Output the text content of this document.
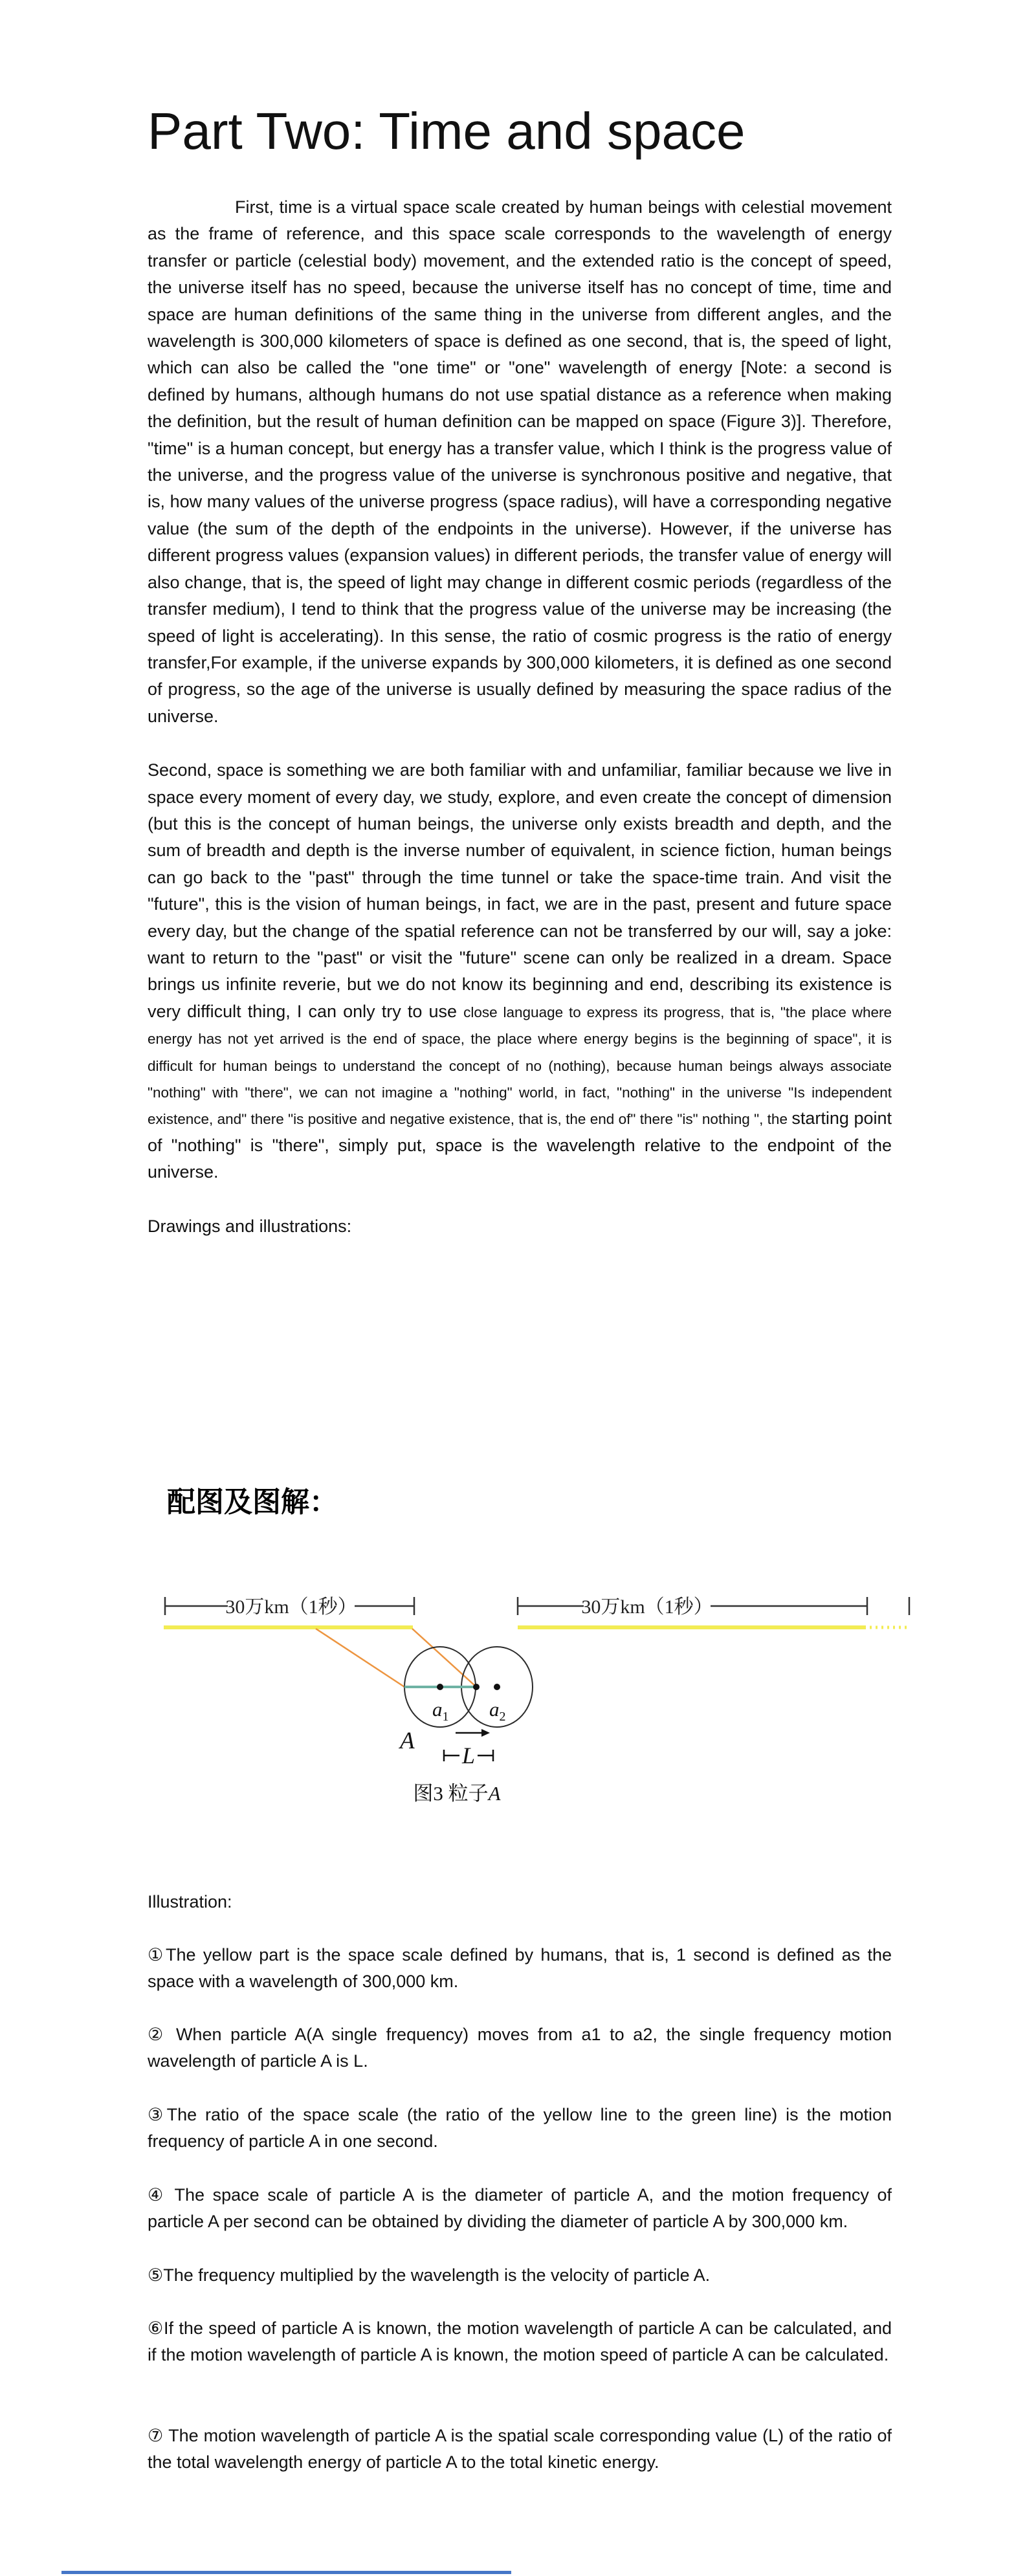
Part Two: Time and space

First, time is a virtual space scale created by human beings with celestial movement as the frame of reference, and this space scale corresponds to the wavelength of energy transfer or particle (celestial body) movement, and the extended ratio is the concept of speed, the universe itself has no speed, because the universe itself has no concept of time, time and space are human definitions of the same thing in the universe from different angles, and the wavelength is 300,000 kilometers of space is defined as one second, that is, the speed of light, which can also be called the "one time" or "one" wavelength of energy [Note: a second is defined by humans, although humans do not use spatial distance as a reference when making the definition, but the result of human definition can be mapped on space (Figure 3)]. Therefore, "time" is a human concept, but energy has a transfer value, which I think is the progress value of the universe, and the progress value of the universe is synchronous positive and negative, that is, how many values of the universe progress (space radius), will have a corresponding negative value (the sum of the depth of the endpoints in the universe). However, if the universe has different progress values (expansion values) in different periods, the transfer value of energy will also change, that is, the speed of light may change in different cosmic periods (regardless of the transfer medium), I tend to think that the progress value of the universe may be increasing (the speed of light is accelerating). In this sense, the ratio of cosmic progress is the ratio of energy transfer,For example, if the universe expands by 300,000 kilometers, it is defined as one second of progress, so the age of the universe is usually defined by measuring the space radius of the universe.

Second, space is something we are both familiar with and unfamiliar, familiar because we live in space every moment of every day, we study, explore, and even create the concept of dimension (but this is the concept of human beings, the universe only exists breadth and depth, and the sum of breadth and depth is the inverse number of equivalent, in science fiction, human beings can go back to the "past" through the time tunnel or take the space-time train. And visit the "future", this is the vision of human beings, in fact, we are in the past, present and future space every day, but the change of the spatial reference can not be transferred by our will, say a joke: want to return to the "past" or visit the "future" scene can only be realized in a dream. Space brings us infinite reverie, but we do not know its beginning and end, describing its existence is very difficult thing, I can only try to use close language to express its progress, that is, "the place where energy has not yet arrived is the end of space, the place where energy begins is the beginning of space", it is difficult for human beings to understand the concept of no (nothing), because human beings always associate "nothing" with "there", we can not imagine a "nothing" world, in fact, "nothing" in the universe "Is independent existence, and" there "is positive and negative existence, that is, the end of" there "is" nothing ", the starting point of "nothing" is "there", simply put, space is the wavelength relative to the endpoint of the universe.

Drawings and illustrations:

配图及图解：
30万km（1秒）	30万km（1秒）
$a_1$ $a_2$
A
L
图3 粒子A
Illustration:
①The yellow part is the space scale defined by humans, that is, 1 second is defined as the space with a wavelength of 300,000 km.
② When particle A(A single frequency) moves from a1 to a2, the single frequency motion wavelength of particle A is L.
③The ratio of the space scale (the ratio of the yellow line to the green line) is the motion frequency of particle A in one second.
④ The space scale of particle A is the diameter of particle A, and the motion frequency of particle A per second can be obtained by dividing the diameter of particle A by 300,000 km.
⑤The frequency multiplied by the wavelength is the velocity of particle A.
⑥If the speed of particle A is known, the motion wavelength of particle A can be calculated, and if the motion wavelength of particle A is known, the motion speed of particle A can be calculated.
⑦ The motion wavelength of particle A is the spatial scale corresponding value (L) of the ratio of the total wavelength energy of particle A to the total kinetic energy.
